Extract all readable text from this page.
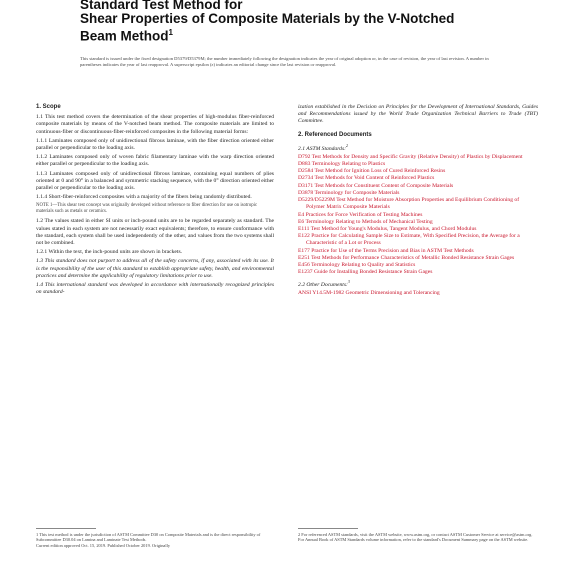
Standard Test Method for
Shear Properties of Composite Materials by the V-Notched
Beam Method$^1$
This standard is issued under the fixed designation D5379/D5379M; the number immediately following the designation indicates the year of original adoption or, in the case of revision, the year of last revision. A number in parentheses indicates the year of last reapproval. A superscript epsilon (ε) indicates an editorial change since the last revision or reapproval.
1. Scope

1.1 This test method covers the determination of the shear properties of high-modulus fiber-reinforced composite materials by means of the V-notched beam method. The composite materials are limited to continuous-fiber or discontinuous-fiber-reinforced composites in the following material forms:

1.1.1 Laminates composed only of unidirectional fibrous laminae, with the fiber direction oriented either parallel or perpendicular to the loading axis.

1.1.2 Laminates composed only of woven fabric filamentary laminae with the warp direction oriented either parallel or perpendicular to the loading axis.

1.1.3 Laminates composed only of unidirectional fibrous laminae, containing equal numbers of plies oriented at 0 and 90° in a balanced and symmetric stacking sequence, with the 0° direction oriented either parallel or perpendicular to the loading axis.

1.1.4 Short-fiber-reinforced composites with a majority of the fibers being randomly distributed.

NOTE 1—This shear test concept was originally developed without reference to fiber direction for use on isotropic materials such as metals or ceramics.

1.2 The values stated in either SI units or inch-pound units are to be regarded separately as standard. The values stated in each system are not necessarily exact equivalents; therefore, to ensure conformance with the standard, each system shall be used independently of the other, and values from the two systems shall not be combined.

1.2.1 Within the text, the inch-pound units are shown in brackets.

1.3 This standard does not purport to address all of the safety concerns, if any, associated with its use. It is the responsibility of the user of this standard to establish appropriate safety, health, and environmental practices and determine the applicability of regulatory limitations prior to use.

1.4 This international standard was developed in accordance with internationally recognized principles on standard-

ization established in the Decision on Principles for the Development of International Standards, Guides and Recommendations issued by the World Trade Organization Technical Barriers to Trade (TBT) Committee.

2. Referenced Documents
2.1 ASTM Standards:$^2$

D792 Test Methods for Density and Specific Gravity (Relative Density) of Plastics by Displacement

D883 Terminology Relating to Plastics

D2584 Test Method for Ignition Loss of Cured Reinforced Resins

D2734 Test Methods for Void Content of Reinforced Plastics

D3171 Test Methods for Constituent Content of Composite Materials

D3878 Terminology for Composite Materials

D5229/D5229M Test Method for Moisture Absorption Properties and Equilibrium Conditioning of Polymer Matrix Composite Materials

E4 Practices for Force Verification of Testing Machines

E6 Terminology Relating to Methods of Mechanical Testing

E111 Test Method for Young's Modulus, Tangent Modulus, and Chord Modulus

E122 Practice for Calculating Sample Size to Estimate, With Specified Precision, the Average for a Characteristic of a Lot or Process

E177 Practice for Use of the Terms Precision and Bias in ASTM Test Methods

E251 Test Methods for Performance Characteristics of Metallic Bonded Resistance Strain Gages

E456 Terminology Relating to Quality and Statistics

E1237 Guide for Installing Bonded Resistance Strain Gages

2.2 Other Documents:$^3$

ANSI Y14.5M-1982 Geometric Dimensioning and Tolerancing

1 This test method is under the jurisdiction of ASTM Committee D30 on Composite Materials and is the direct responsibility of Subcommittee D30.04 on Lamina and Laminate Test Methods.
Current edition approved Oct. 15, 2019. Published October 2019. Originally
2 For referenced ASTM standards, visit the ASTM website, www.astm.org, or contact ASTM Customer Service at service@astm.org. For Annual Book of ASTM Standards volume information, refer to the standard's Document Summary page on the ASTM website.
